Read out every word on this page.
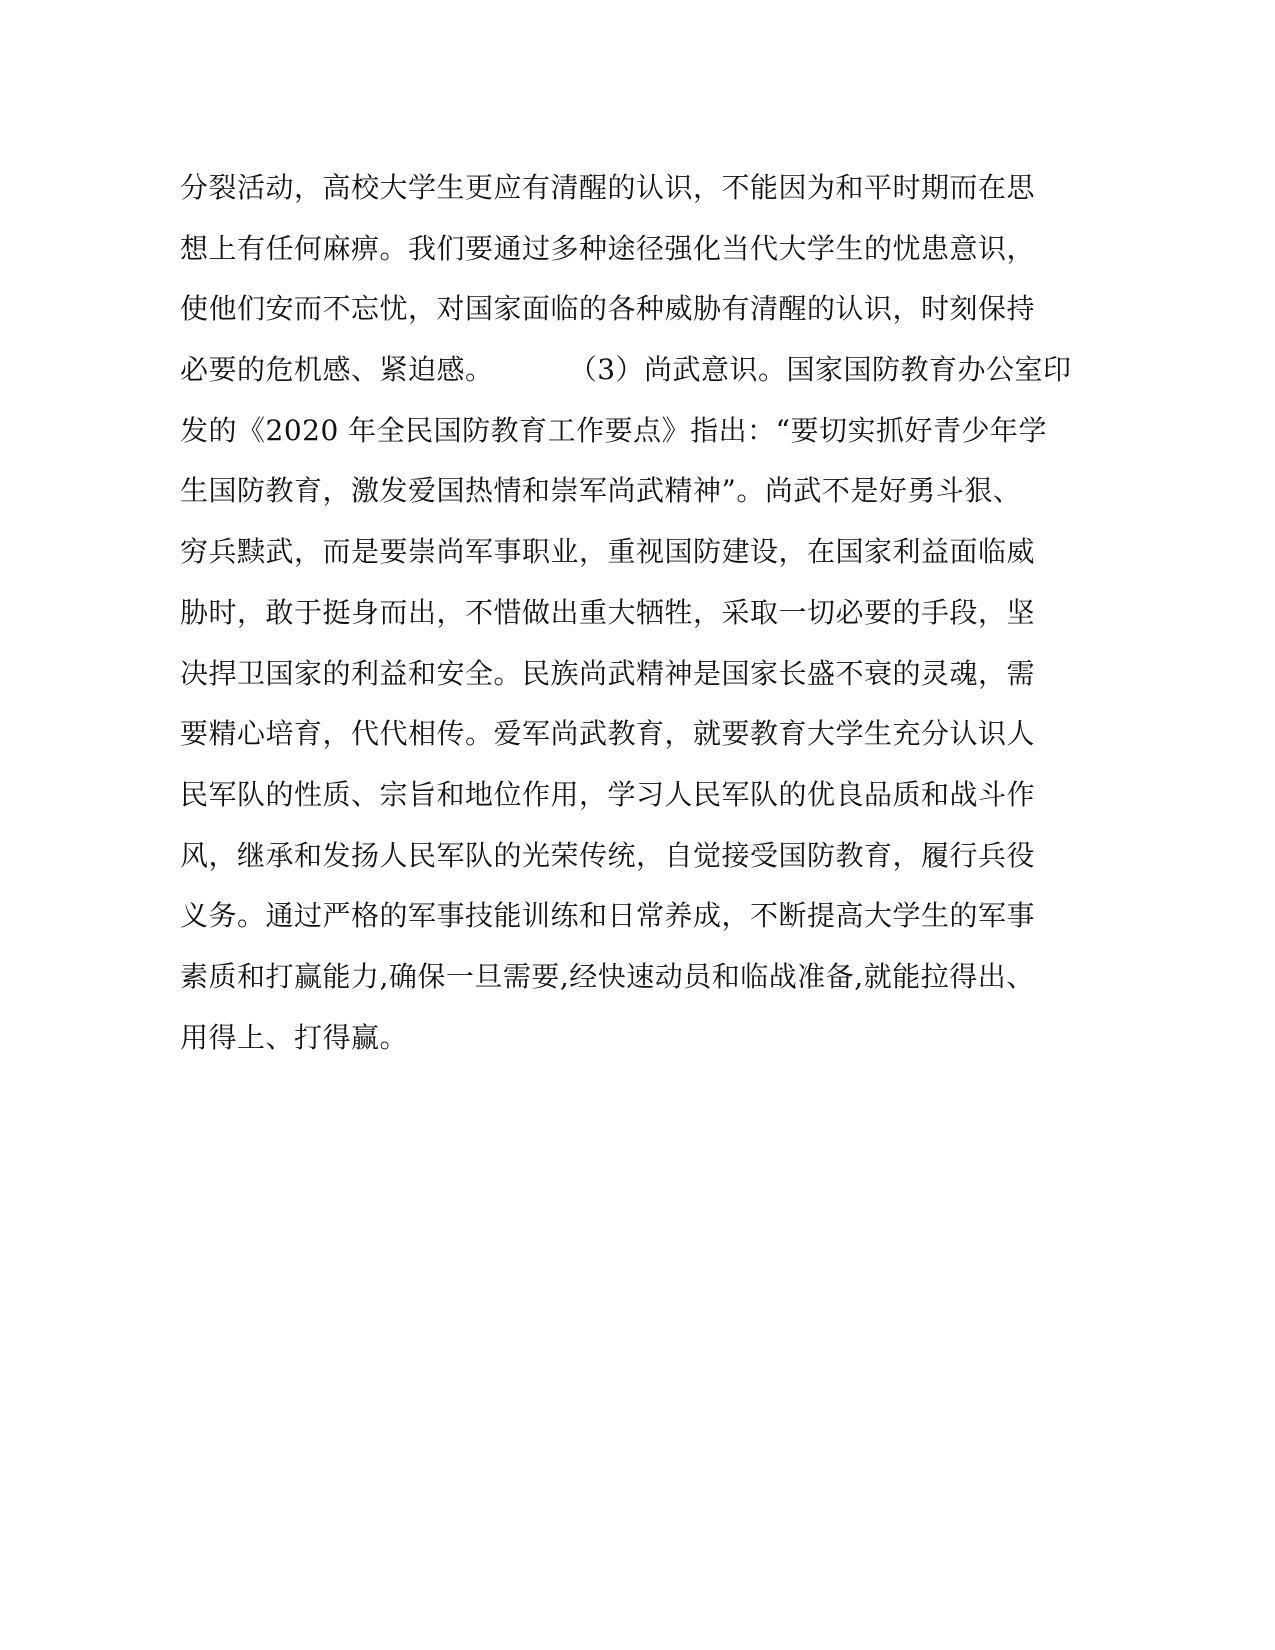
分裂活动，高校大学生更应有清醒的认识，不能因为和平时期而在思
想上有任何麻痹。我们要通过多种途径强化当代大学生的忧患意识，
使他们安而不忘忧，对国家面临的各种威胁有清醒的认识，时刻保持
必要的危机感、紧迫感。        （3）尚武意识。国家国防教育办公室印
发的《2020 年全民国防教育工作要点》指出：“要切实抓好青少年学
生国防教育，激发爱国热情和崇军尚武精神”。尚武不是好勇斗狠、
穷兵黩武，而是要崇尚军事职业，重视国防建设，在国家利益面临威
胁时，敢于挺身而出，不惜做出重大牺牲，采取一切必要的手段，坚
决捍卫国家的利益和安全。民族尚武精神是国家长盛不衰的灵魂，需
要精心培育，代代相传。爱军尚武教育，就要教育大学生充分认识人
民军队的性质、宗旨和地位作用，学习人民军队的优良品质和战斗作
风，继承和发扬人民军队的光荣传统，自觉接受国防教育，履行兵役
义务。通过严格的军事技能训练和日常养成，不断提高大学生的军事
素质和打赢能力,确保一旦需要,经快速动员和临战准备,就能拉得出、
用得上、打得赢。
